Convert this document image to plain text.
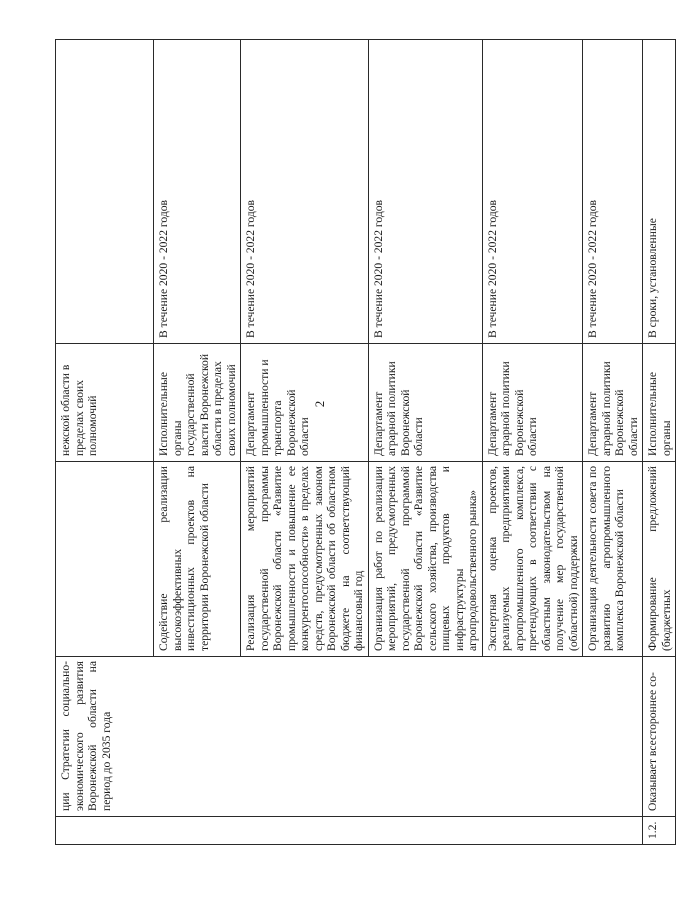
2
	ции Стратегии социально-экономического развития Воронежской области на период до 2035 года		нежской области в пределах своих полномочий	
		Содействие реализации высокоэффективных инвестиционных проектов на территории Воронежской области	Исполнительные органы государственной власти Воронежской области в пределах своих полномочий	В течение 2020 - 2022 годов
		Реализация мероприятий государственной программы Воронежской области «Развитие промышленности и повышение ее конкурентоспособности» в пределах средств, предусмотренных законом Воронежской области об областном бюджете на соответствующий финансовый год	Департамент промышленности и транспорта Воронежской области	В течение 2020 - 2022 годов
		Организация работ по реализации мероприятий, предусмотренных государственной программой Воронежской области «Развитие сельского хозяйства, производства пищевых продуктов и инфраструктуры агропродовольственного рынка»	Департамент аграрной политики Воронежской области	В течение 2020 - 2022 годов
		Экспертная оценка проектов, реализуемых предприятиями агропромышленного комплекса, претендующих в соответствии с областным законодательством на получение мер государственной (областной) поддержки	Департамент аграрной политики Воронежской области	В течение 2020 - 2022 годов
		Организация деятельности совета по развитию агропромышленного комплекса Воронежской области	Департамент аграрной политики Воронежской области	В течение 2020 - 2022 годов
1.2.	Оказывает всестороннее со-	Формирование предложений (бюджетных	Исполнительные органы	В сроки, установленные
